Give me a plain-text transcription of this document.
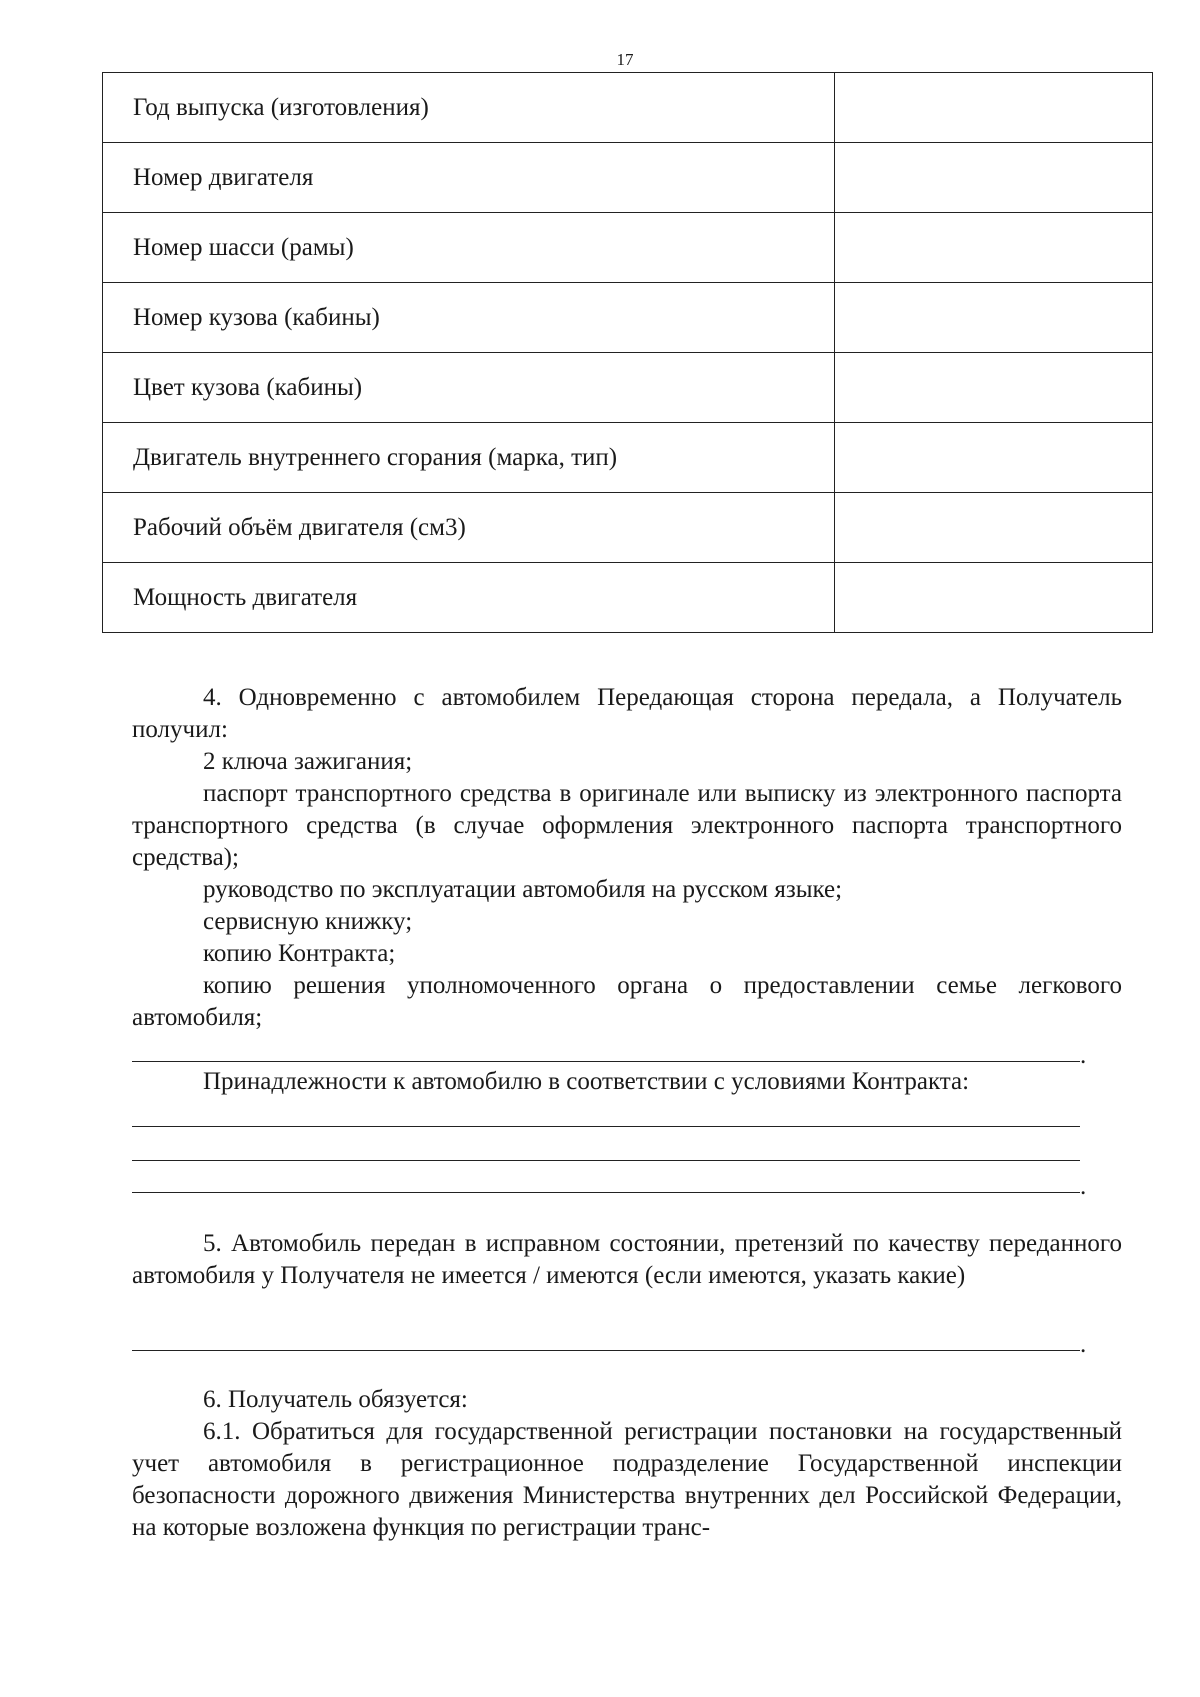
17
Год выпуска (изготовления)	
Номер двигателя	
Номер шасси (рамы)	
Номер кузова (кабины)	
Цвет кузова (кабины)	
Двигатель внутреннего сгорания (марка, тип)	
Рабочий объём двигателя (см3)	
Мощность двигателя	

4. Одновременно с автомобилем Передающая сторона передала, а Получатель получил:

2 ключа зажигания;

паспорт транспортного средства в оригинале или выписку из электронного паспорта транспортного средства (в случае оформления электронного паспорта транспортного средства);

руководство по эксплуатации автомобиля на русском языке;

сервисную книжку;

копию Контракта;

копию решения уполномоченного органа о предоставлении семье легкового автомобиля;

.

Принадлежности к автомобилю в соответствии с условиями Контракта:

.

5. Автомобиль передан в исправном состоянии, претензий по качеству переданного автомобиля у Получателя не имеется / имеются (если имеются, указать какие)

.

6. Получатель обязуется:

6.1. Обратиться для государственной регистрации постановки на государственный учет автомобиля в регистрационное подразделение Государственной инспекции безопасности дорожного движения Министерства внутренних дел Российской Федерации, на которые возложена функция по регистрации транс-
